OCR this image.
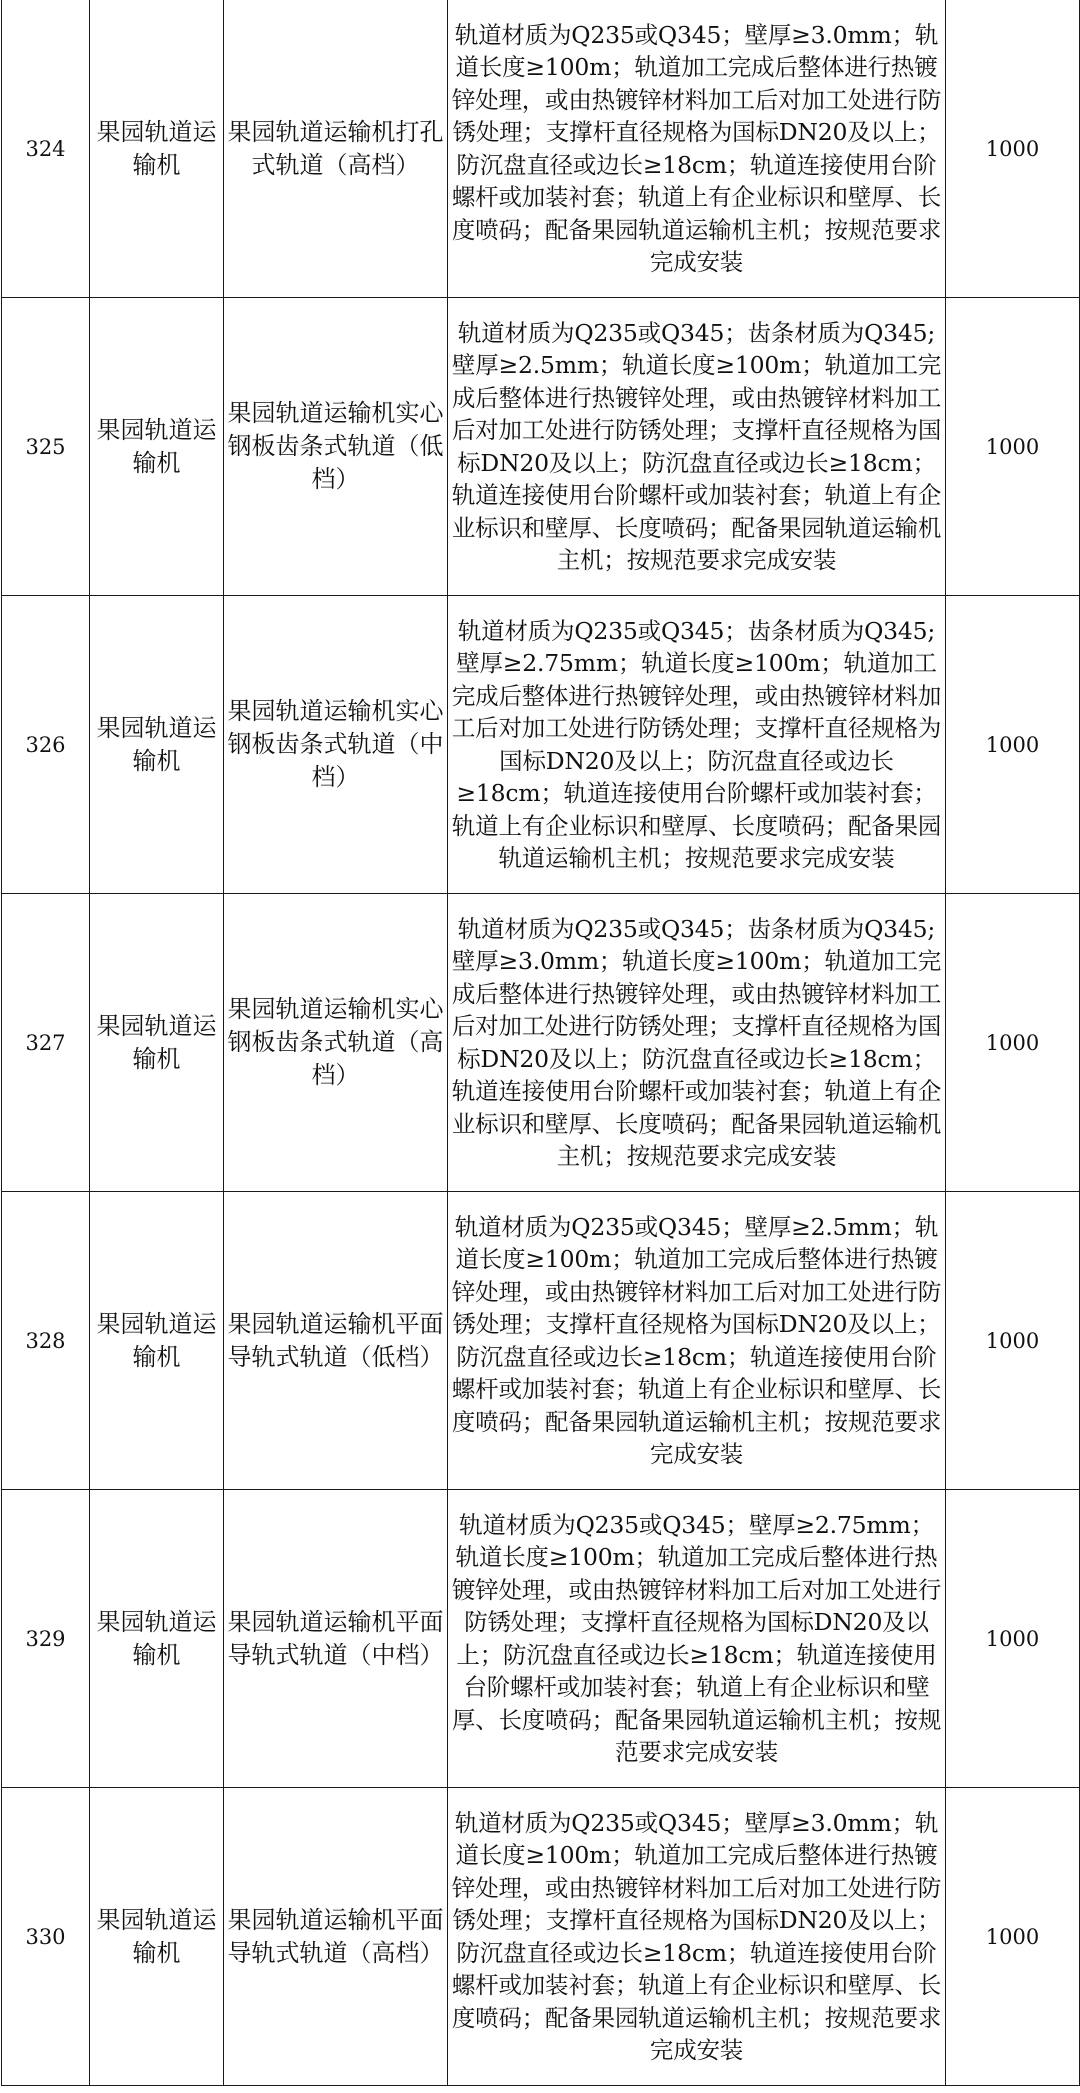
324	果园轨道运输机	果园轨道运输机打孔式轨道（高档）	轨道材质为Q235或Q345；壁厚≥3.0mm；轨道长度≥100m；轨道加工完成后整体进行热镀锌处理，或由热镀锌材料加工后对加工处进行防锈处理；支撑杆直径规格为国标DN20及以上；防沉盘直径或边长≥18cm；轨道连接使用台阶螺杆或加装衬套；轨道上有企业标识和壁厚、长度喷码；配备果园轨道运输机主机；按规范要求完成安装	1000
325	果园轨道运输机	果园轨道运输机实心钢板齿条式轨道（低档）	轨道材质为Q235或Q345；齿条材质为Q345;壁厚≥2.5mm；轨道长度≥100m；轨道加工完成后整体进行热镀锌处理，或由热镀锌材料加工后对加工处进行防锈处理；支撑杆直径规格为国标DN20及以上；防沉盘直径或边长≥18cm；轨道连接使用台阶螺杆或加装衬套；轨道上有企业标识和壁厚、长度喷码；配备果园轨道运输机主机；按规范要求完成安装	1000
326	果园轨道运输机	果园轨道运输机实心钢板齿条式轨道（中档）	轨道材质为Q235或Q345；齿条材质为Q345;壁厚≥2.75mm；轨道长度≥100m；轨道加工完成后整体进行热镀锌处理，或由热镀锌材料加工后对加工处进行防锈处理；支撑杆直径规格为国标DN20及以上；防沉盘直径或边长≥18cm；轨道连接使用台阶螺杆或加装衬套；轨道上有企业标识和壁厚、长度喷码；配备果园轨道运输机主机；按规范要求完成安装	1000
327	果园轨道运输机	果园轨道运输机实心钢板齿条式轨道（高档）	轨道材质为Q235或Q345；齿条材质为Q345;壁厚≥3.0mm；轨道长度≥100m；轨道加工完成后整体进行热镀锌处理，或由热镀锌材料加工后对加工处进行防锈处理；支撑杆直径规格为国标DN20及以上；防沉盘直径或边长≥18cm；轨道连接使用台阶螺杆或加装衬套；轨道上有企业标识和壁厚、长度喷码；配备果园轨道运输机主机；按规范要求完成安装	1000
328	果园轨道运输机	果园轨道运输机平面导轨式轨道（低档）	轨道材质为Q235或Q345；壁厚≥2.5mm；轨道长度≥100m；轨道加工完成后整体进行热镀锌处理，或由热镀锌材料加工后对加工处进行防锈处理；支撑杆直径规格为国标DN20及以上；防沉盘直径或边长≥18cm；轨道连接使用台阶螺杆或加装衬套；轨道上有企业标识和壁厚、长度喷码；配备果园轨道运输机主机；按规范要求完成安装	1000
329	果园轨道运输机	果园轨道运输机平面导轨式轨道（中档）	轨道材质为Q235或Q345；壁厚≥2.75mm；轨道长度≥100m；轨道加工完成后整体进行热镀锌处理，或由热镀锌材料加工后对加工处进行防锈处理；支撑杆直径规格为国标DN20及以上；防沉盘直径或边长≥18cm；轨道连接使用台阶螺杆或加装衬套；轨道上有企业标识和壁厚、长度喷码；配备果园轨道运输机主机；按规范要求完成安装	1000
330	果园轨道运输机	果园轨道运输机平面导轨式轨道（高档）	轨道材质为Q235或Q345；壁厚≥3.0mm；轨道长度≥100m；轨道加工完成后整体进行热镀锌处理，或由热镀锌材料加工后对加工处进行防锈处理；支撑杆直径规格为国标DN20及以上；防沉盘直径或边长≥18cm；轨道连接使用台阶螺杆或加装衬套；轨道上有企业标识和壁厚、长度喷码；配备果园轨道运输机主机；按规范要求完成安装	1000
